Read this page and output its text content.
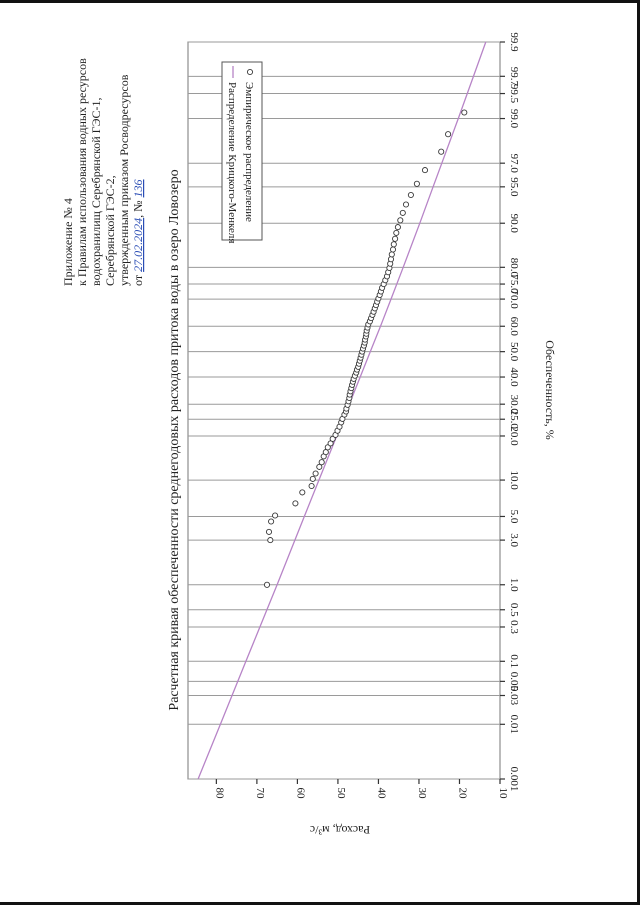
Приложение № 4 к Правилам использования водных ресурсов водохранилищ Серебрянской ГЭС-1, Серебрянской ГЭС-2, утвержденным приказом Росводресурсов от 27.02.2024, № 136	Эмпирическое распределение
Распределение Крицкого-Менкеля
0.001
0.01
0.03
0.05
0.1
0.3
0.5
1.0
3.0
5.0
10.0
20.0
25.0
30.0
40.0
50.0
60.0
70.0
75.0
80.0
90.0
95.0
97.0
99.0
99.5
99.7
99.9
10
20
30
40
50
60
70
80
Расчетная кривая обеспеченности среднегодовых расходов притока воды в озеро Ловозеро	Обеспеченность, %
Расход, м³/с
